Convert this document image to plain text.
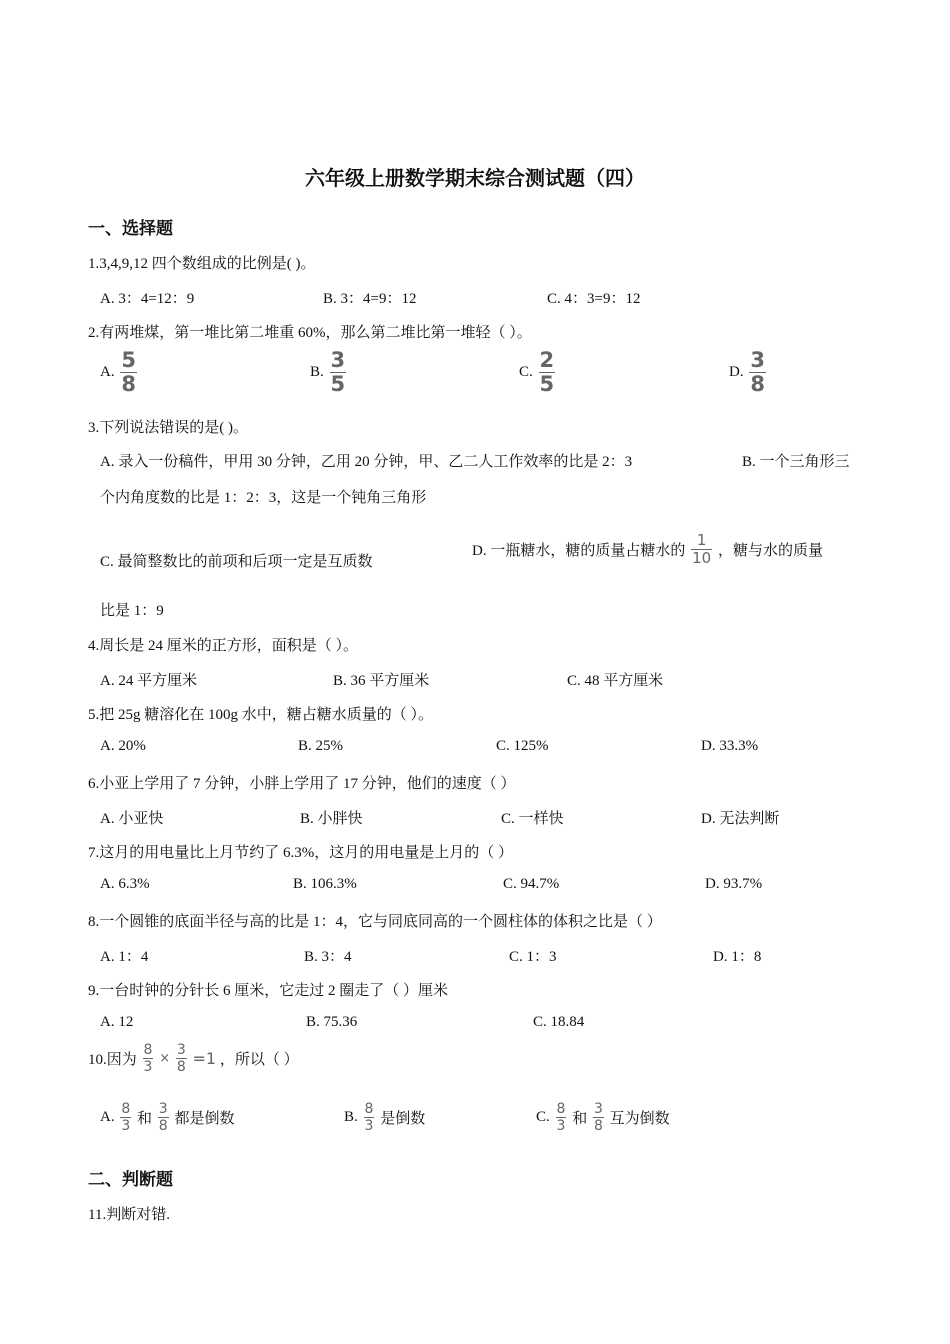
六年级上册数学期末综合测试题（四）
一、选择题
1.3,4,9,12 四个数组成的比例是( )。
A. 3：4=12：9	B. 3：4=9：12	C. 4：3=9：12
2.有两堆煤，第一堆比第二堆重 60%，那么第二堆比第一堆轻（ ）。
A. $\frac{5}{8}$	B. $\frac{3}{5}$	C. $\frac{2}{5}$	D. $\frac{3}{8}$
3.下列说法错误的是( )。
A. 录入一份稿件，甲用 30 分钟，乙用 20 分钟，甲、乙二人工作效率的比是 2：3	B. 一个三角形三
个内角度数的比是 1：2：3，这是一个钝角三角形
C. 最简整数比的前项和后项一定是互质数
D. 一瓶糖水，糖的质量占糖水的 $\frac{1}{10}$ ，糖与水的质量
比是 1：9
4.周长是 24 厘米的正方形，面积是（ ）。
A. 24 平方厘米	B. 36 平方厘米	C. 48 平方厘米
5.把 25g 糖溶化在 100g 水中，糖占糖水质量的（ ）。
A. 20%	B. 25%	C. 125%	D. 33.3%
6.小亚上学用了 7 分钟，小胖上学用了 17 分钟，他们的速度（ ）
A. 小亚快	B. 小胖快	C. 一样快	D. 无法判断
7.这月的用电量比上月节约了 6.3%，这月的用电量是上月的（ ）
A. 6.3%	B. 106.3%	C. 94.7%	D. 93.7%
8.一个圆锥的底面半径与高的比是 1：4，它与同底同高的一个圆柱体的体积之比是（ ）
A. 1：4	B. 3：4	C. 1：3	D. 1：8
9.一台时钟的分针长 6 厘米，它走过 2 圈走了（ ）厘米
A. 12	B. 75.36	C. 18.84
10.因为 $\frac{8}{3} \times \frac{3}{8} =1$ ，所以（ ）
A. $\frac{8}{3}$ 和 $\frac{3}{8}$ 都是倒数	B. $\frac{8}{3}$ 是倒数	C. $\frac{8}{3}$ 和 $\frac{3}{8}$ 互为倒数
二、判断题
11.判断对错.
